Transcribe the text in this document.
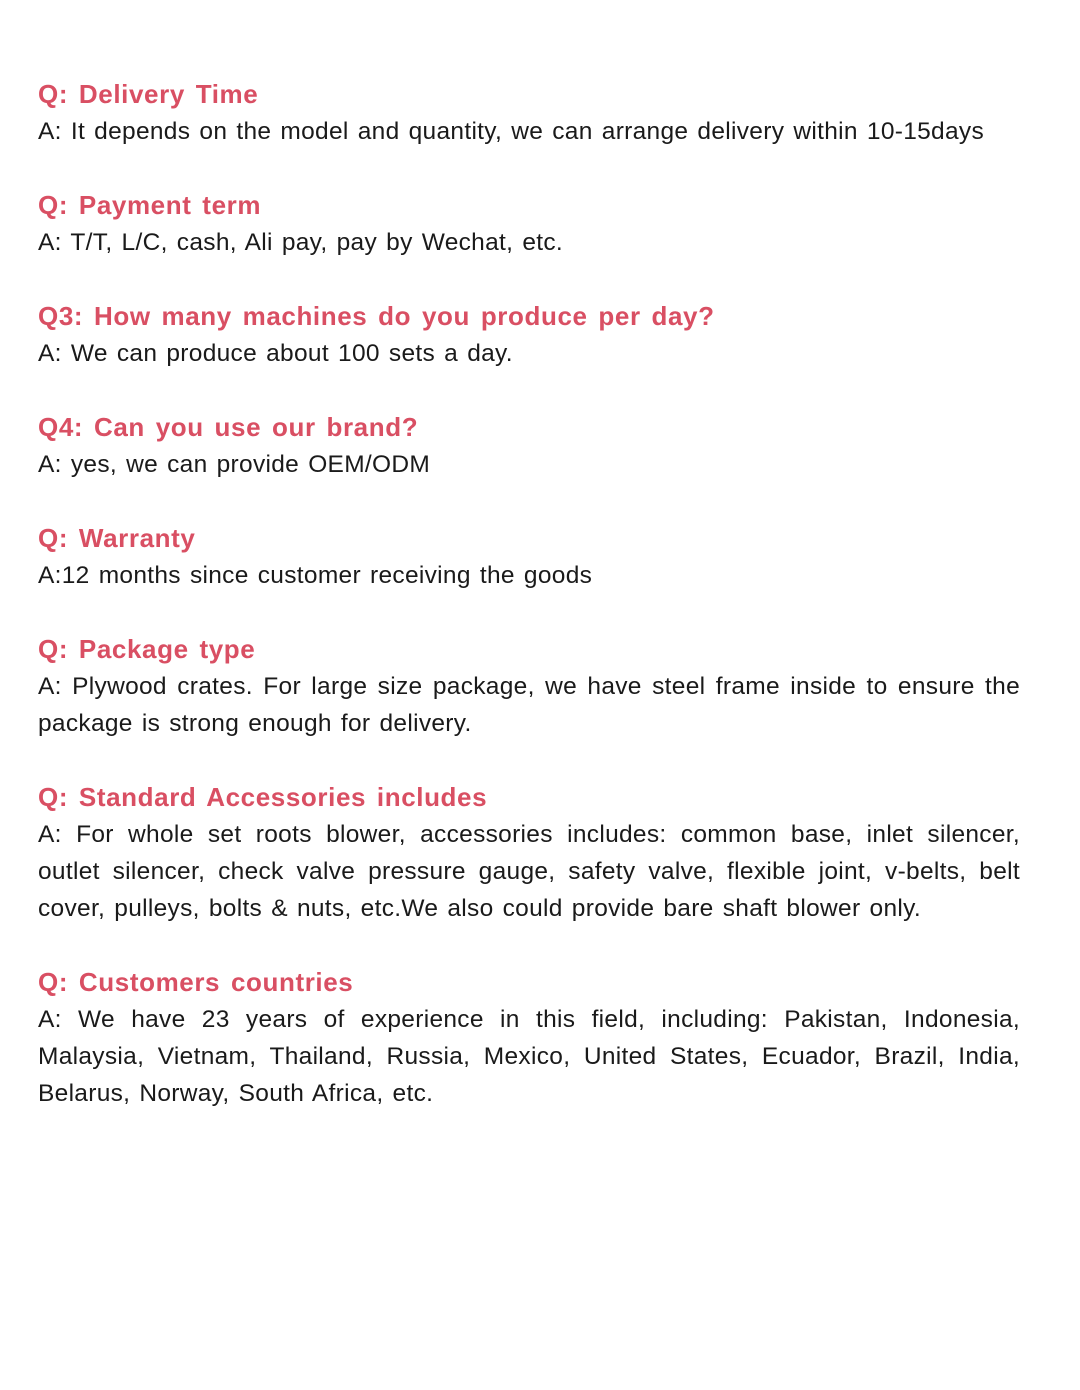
Q: Delivery Time

A: It depends on the model and quantity, we can arrange delivery within 10-15days

Q: Payment term

A: T/T, L/C, cash, Ali pay, pay by Wechat, etc.

Q3: How many machines do you produce per day?

A: We can produce about 100 sets a day.

Q4: Can you use our brand?

A: yes, we can provide OEM/ODM

Q: Warranty

A:12 months since customer receiving the goods

Q: Package type

A: Plywood crates. For large size package, we have steel frame inside to ensure the package is strong enough for delivery.

Q: Standard Accessories includes

A: For whole set roots blower, accessories includes: common base, inlet silencer, outlet silencer, check valve pressure gauge, safety valve, flexible joint, v-belts, belt cover, pulleys, bolts & nuts, etc.We also could provide bare shaft blower only.

Q: Customers countries

A: We have 23 years of experience in this field, including: Pakistan, Indonesia, Malaysia, Vietnam, Thailand, Russia, Mexico, United States, Ecuador, Brazil, India, Belarus, Norway, South Africa, etc.
